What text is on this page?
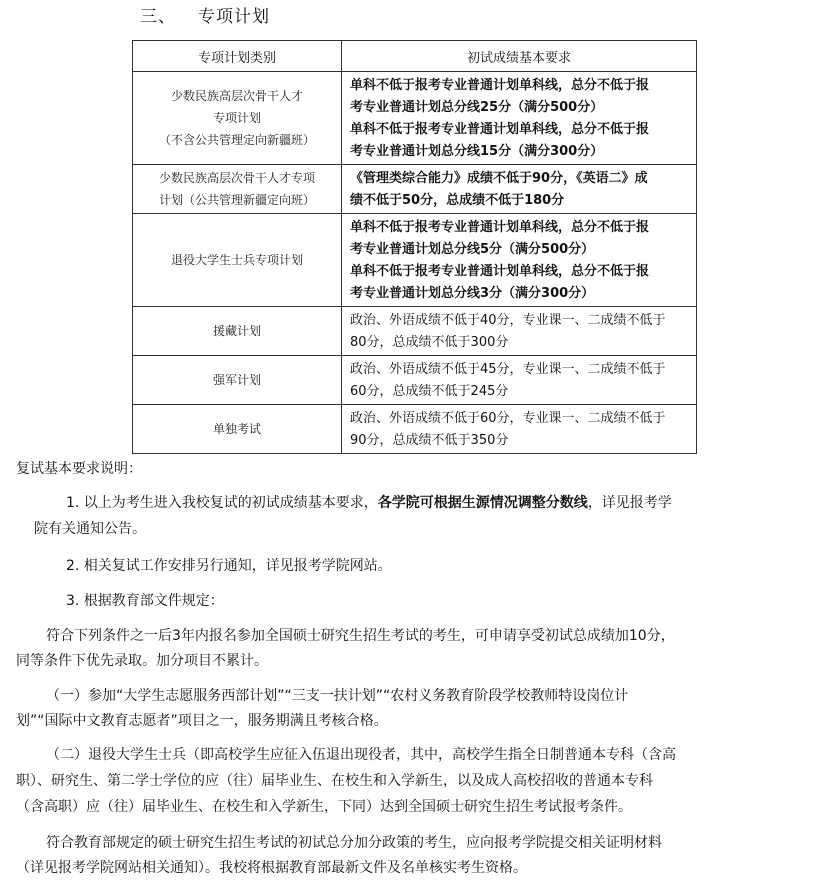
三、 专项计划
专项计划类别	初试成绩基本要求

少数民族高层次骨干人才
专项计划
（不含公共管理定向新疆班）	单科不低于报考专业普通计划单科线，总分不低于报
考专业普通计划总分线25分（满分500分）
单科不低于报考专业普通计划单科线，总分不低于报
考专业普通计划总分线15分（满分300分）

少数民族高层次骨干人才专项
计划（公共管理新疆定向班）	《管理类综合能力》成绩不低于90分，《英语二》成
绩不低于50分，总成绩不低于180分

退役大学生士兵专项计划	单科不低于报考专业普通计划单科线，总分不低于报
考专业普通计划总分线5分（满分500分）
单科不低于报考专业普通计划单科线，总分不低于报
考专业普通计划总分线3分（满分300分）

援藏计划	政治、外语成绩不低于40分，专业课一、二成绩不低于
80分，总成绩不低于300分

强军计划	政治、外语成绩不低于45分，专业课一、二成绩不低于
60分，总成绩不低于245分

单独考试	政治、外语成绩不低于60分，专业课一、二成绩不低于
90分，总成绩不低于350分
复试基本要求说明：
1. 以上为考生进入我校复试的初试成绩基本要求，各学院可根据生源情况调整分数线，详见报考学
院有关通知公告。
2. 相关复试工作安排另行通知，详见报考学院网站。
3. 根据教育部文件规定：
符合下列条件之一后3年内报名参加全国硕士研究生招生考试的考生，可申请享受初试总成绩加10分，
同等条件下优先录取。加分项目不累计。
（一）参加“大学生志愿服务西部计划”“三支一扶计划”“农村义务教育阶段学校教师特设岗位计
划”“国际中文教育志愿者”项目之一，服务期满且考核合格。
（二）退役大学生士兵（即高校学生应征入伍退出现役者，其中，高校学生指全日制普通本专科（含高
职）、研究生、第二学士学位的应（往）届毕业生、在校生和入学新生，以及成人高校招收的普通本专科
（含高职）应（往）届毕业生、在校生和入学新生，下同）达到全国硕士研究生招生考试报考条件。
符合教育部规定的硕士研究生招生考试的初试总分加分政策的考生，应向报考学院提交相关证明材料
（详见报考学院网站相关通知）。我校将根据教育部最新文件及名单核实考生资格。
